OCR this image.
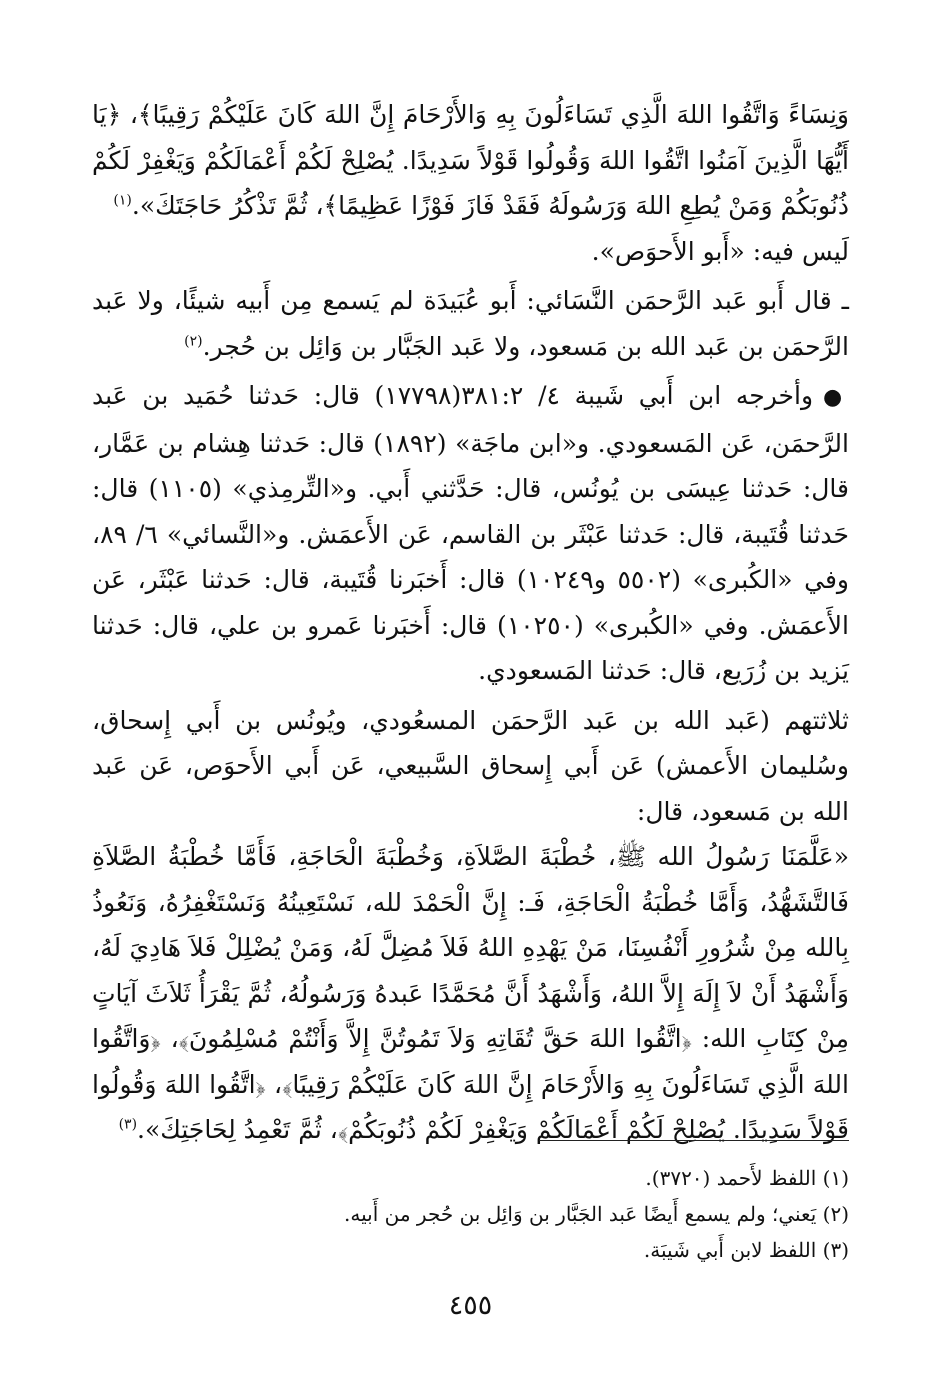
وَنِسَاءً وَاتَّقُوا اللهَ الَّذِي تَسَاءَلُونَ بِهِ وَالأَرْحَامَ إِنَّ اللهَ كَانَ عَلَيْكُمْ رَقِيبًا﴾، ﴿يَا أَيُّهَا الَّذِينَ آمَنُوا اتَّقُوا اللهَ وَقُولُوا قَوْلاً سَدِيدًا. يُصْلِحْ لَكُمْ أَعْمَالَكُمْ وَيَغْفِرْ لَكُمْ ذُنُوبَكُمْ وَمَنْ يُطِعِ اللهَ وَرَسُولَهُ فَقَدْ فَازَ فَوْزًا عَظِيمًا﴾، ثُمَّ تَذْكُرُ حَاجَتَكَ».$^{(١)}$

لَيس فيه: «أَبو الأَحوَص».

ـ قال أَبو عَبد الرَّحمَن النَّسَائي: أَبو عُبَيدَة لم يَسمع مِن أَبيه شيئًا، ولا عَبد الرَّحمَن بن عَبد الله بن مَسعود، ولا عَبد الجَبَّار بن وَائِل بن حُجر.$^{(٢)}$

●وأخرجه ابن أَبي شَيبة ٤/ ٣٨١:٢(١٧٧٩٨) قال: حَدثنا حُمَيد بن عَبد الرَّحمَن، عَن المَسعودي. و«ابن ماجَة» (١٨٩٢) قال: حَدثنا هِشام بن عَمَّار، قال: حَدثنا عِيسَى بن يُونُس، قال: حَدَّثني أَبي. و«التِّرمِذي» (١١٠٥) قال: حَدثنا قُتَيبة، قال: حَدثنا عَبْثَر بن القاسم، عَن الأَعمَش. و«النَّسائي» ٦/ ٨٩، وفي «الكُبرى» (٥٥٠٢ و١٠٢٤٩) قال: أَخبَرنا قُتَيبة، قال: حَدثنا عَبْثَر، عَن الأَعمَش. وفي «الكُبرى» (١٠٢٥٠) قال: أَخبَرنا عَمرو بن علي، قال: حَدثنا يَزيد بن زُرَيع، قال: حَدثنا المَسعودي.

ثلاثتهم (عَبد الله بن عَبد الرَّحمَن المسعُودي، ويُونُس بن أَبي إِسحاق، وسُليمان الأَعمش) عَن أَبي إِسحاق السَّبيعي، عَن أَبي الأَحوَص، عَن عَبد الله بن مَسعود، قال:

«عَلَّمَنَا رَسُولُ الله ﷺ، خُطْبَةَ الصَّلاَةِ، وَخُطْبَةَ الْحَاجَةِ، فَأَمَّا خُطْبَةُ الصَّلاَةِ فَالتَّشَهُّدُ، وَأَمَّا خُطْبَةُ الْحَاجَةِ، فَـ: إِنَّ الْحَمْدَ لله، نَسْتَعِينُهُ وَنَسْتَغْفِرُهُ، وَنَعُوذُ بِالله مِنْ شُرُورِ أَنْفُسِنَا، مَنْ يَهْدِهِ اللهُ فَلاَ مُضِلَّ لَهُ، وَمَنْ يُضْلِلْ فَلاَ هَادِيَ لَهُ، وَأَشْهَدُ أَنْ لاَ إِلَهَ إِلاَّ اللهُ، وَأَشْهَدُ أَنَّ مُحَمَّدًا عَبدهُ وَرَسُولُهُ، ثُمَّ يَقْرَأُ ثَلاَثَ آيَاتٍ مِنْ كِتَابِ الله: ﴿اتَّقُوا اللهَ حَقَّ تُقَاتِهِ وَلاَ تَمُوتُنَّ إِلاَّ وَأَنْتُمْ مُسْلِمُونَ﴾، ﴿وَاتَّقُوا اللهَ الَّذِي تَسَاءَلُونَ بِهِ وَالأَرْحَامَ إِنَّ اللهَ كَانَ عَلَيْكُمْ رَقِيبًا﴾، ﴿اتَّقُوا اللهَ وَقُولُوا قَوْلاً سَدِيدًا. يُصْلِحْ لَكُمْ أَعْمَالَكُمْ وَيَغْفِرْ لَكُمْ ذُنُوبَكُمْ﴾، ثُمَّ تَعْمِدُ لِحَاجَتِكَ».$^{(٣)}$

(١) اللفظ لأَحمد (٣٧٢٠).

(٢) يَعني؛ ولم يسمع أَيضًا عَبد الجَبَّار بن وَائِل بن حُجر من أَبيه.

(٣) اللفظ لابن أَبي شَيبَة.

٤٥٥
